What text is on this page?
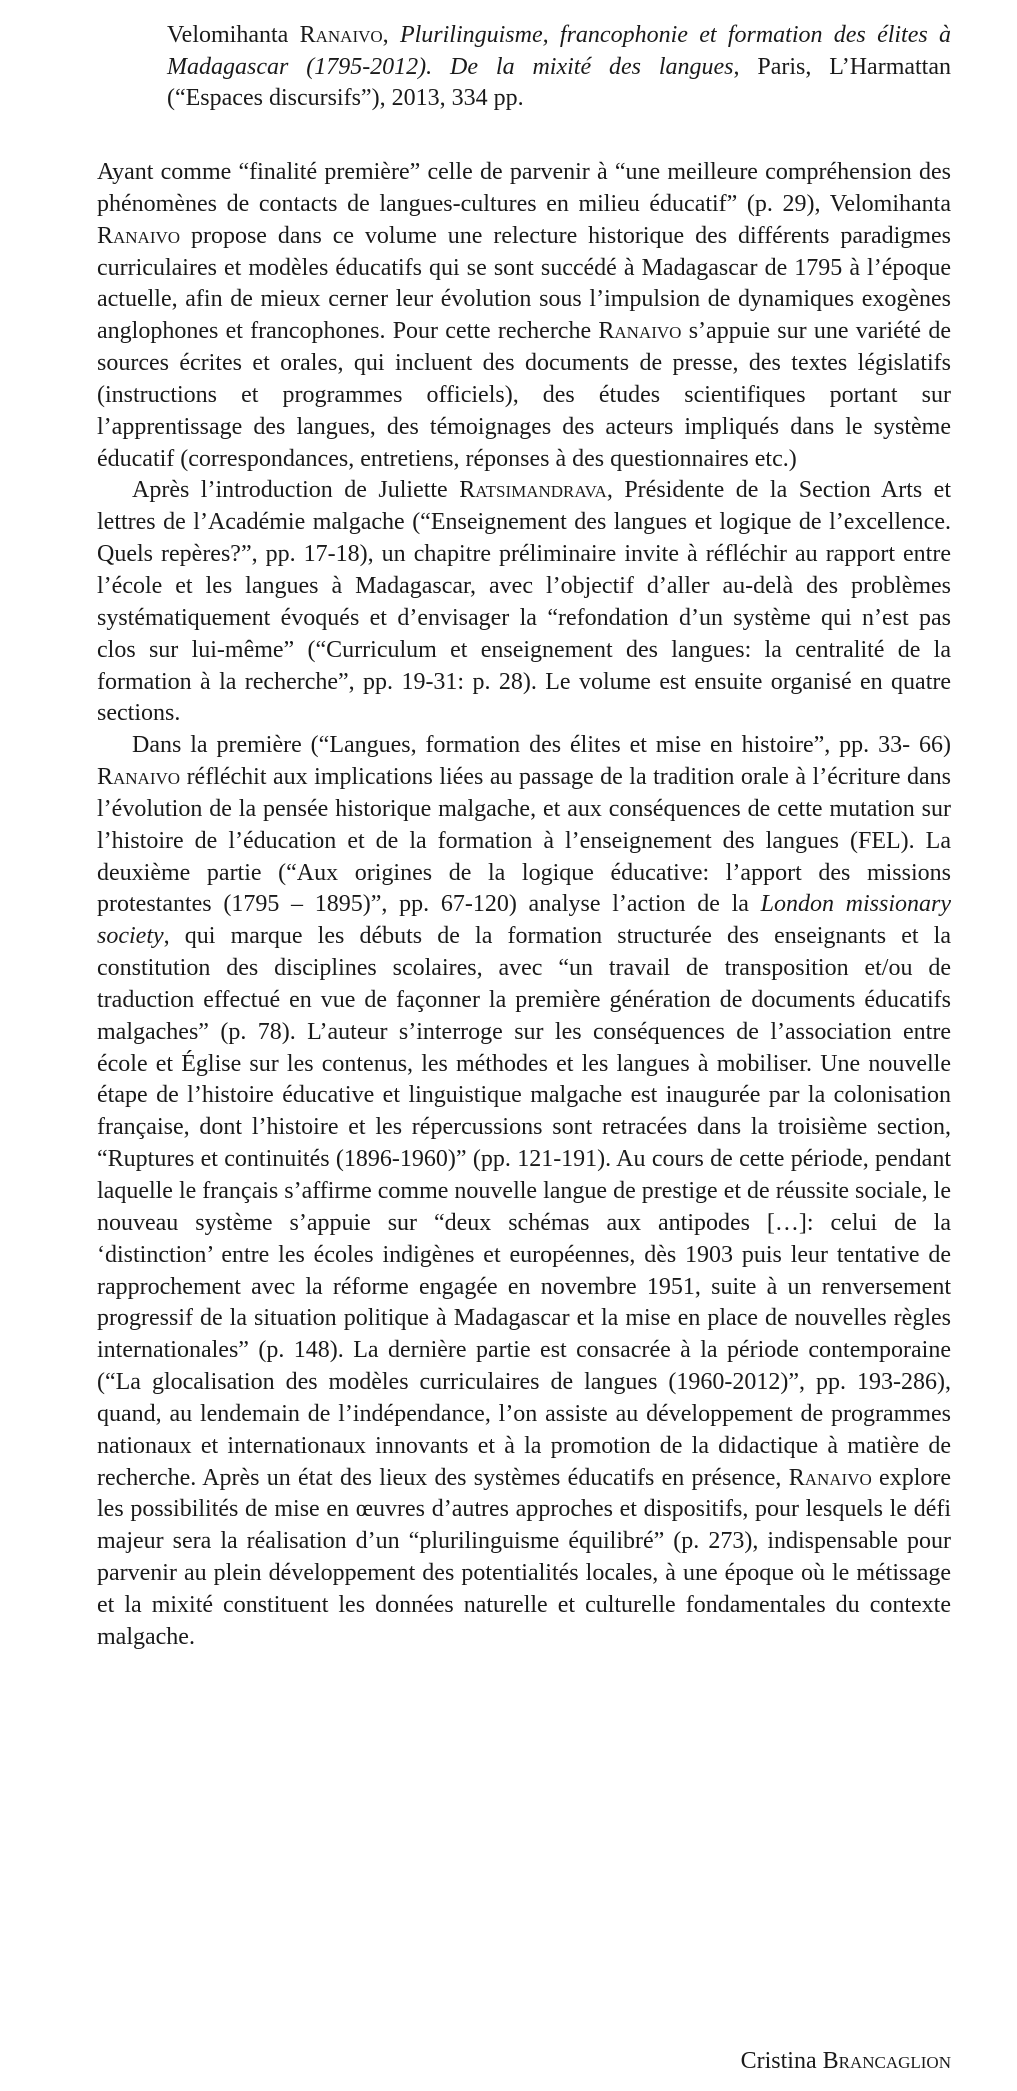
Velomihanta Ranaivo, Plurilinguisme, francophonie et formation des élites à Madagascar (1795-2012). De la mixité des langues, Paris, L’Harmattan (“Espaces discursifs”), 2013, 334 pp.

Ayant comme “finalité première” celle de parvenir à “une meilleure compréhension des phénomènes de contacts de langues-cultures en milieu éducatif” (p. 29), Velomihanta Ranaivo propose dans ce volume une relecture historique des différents paradigmes curriculaires et modèles éducatifs qui se sont succédé à Madagascar de 1795 à l’époque actuelle, afin de mieux cerner leur évolution sous l’impulsion de dynamiques exogènes anglophones et francophones. Pour cette recherche Ranaivo s’appuie sur une variété de sources écrites et orales, qui incluent des documents de presse, des textes législatifs (instructions et programmes officiels), des études scientifiques portant sur l’apprentissage des langues, des témoignages des acteurs impliqués dans le système éducatif (correspondances, entretiens, réponses à des questionnaires etc.)

Après l’introduction de Juliette Ratsimandrava, Présidente de la Section Arts et lettres de l’Académie malgache (“Enseignement des langues et logique de l’excellence. Quels repères?”, pp. 17-18), un chapitre préliminaire invite à réfléchir au rapport entre l’école et les langues à Madagascar, avec l’objectif d’aller au-delà des problèmes systématiquement évoqués et d’envisager la “refondation d’un système qui n’est pas clos sur lui-même” (“Curriculum et enseignement des langues: la centralité de la formation à la recherche”, pp. 19-31: p. 28). Le volume est ensuite organisé en quatre sections.

Dans la première (“Langues, formation des élites et mise en histoire”, pp. 33- 66) Ranaivo réfléchit aux implications liées au passage de la tradition orale à l’écriture dans l’évolution de la pensée historique malgache, et aux conséquences de cette mutation sur l’histoire de l’éducation et de la formation à l’enseignement des langues (FEL). La deuxième partie (“Aux origines de la logique éducative: l’apport des missions protestantes (1795 – 1895)”, pp. 67-120) analyse l’action de la London missionary society, qui marque les débuts de la formation structurée des enseignants et la constitution des disciplines scolaires, avec “un travail de transposition et/ou de traduction effectué en vue de façonner la première génération de documents éducatifs malgaches” (p. 78). L’auteur s’interroge sur les conséquences de l’association entre école et Église sur les contenus, les méthodes et les langues à mobiliser. Une nouvelle étape de l’histoire éducative et linguistique malgache est inaugurée par la colonisation française, dont l’histoire et les répercussions sont retracées dans la troisième section, “Ruptures et continuités (1896-1960)” (pp. 121-191). Au cours de cette période, pendant laquelle le français s’affirme comme nouvelle langue de prestige et de réussite sociale, le nouveau système s’appuie sur “deux schémas aux antipodes […]: celui de la ‘distinction’ entre les écoles indigènes et européennes, dès 1903 puis leur tentative de rapprochement avec la réforme engagée en novembre 1951, suite à un renversement progressif de la situation politique à Madagascar et la mise en place de nouvelles règles internationales” (p. 148). La dernière partie est consacrée à la période contemporaine (“La glocalisation des modèles curriculaires de langues (1960-2012)”, pp. 193-286), quand, au lendemain de l’indépendance, l’on assiste au développement de programmes nationaux et internationaux innovants et à la promotion de la didactique à matière de recherche. Après un état des lieux des systèmes éducatifs en présence, Ranaivo explore les possibilités de mise en œuvres d’autres approches et dispositifs, pour lesquels le défi majeur sera la réalisation d’un “plurilinguisme équilibré” (p. 273), indispensable pour parvenir au plein développement des potentialités locales, à une époque où le métissage et la mixité constituent les données naturelle et culturelle fondamentales du contexte malgache.

Cristina Brancaglion
